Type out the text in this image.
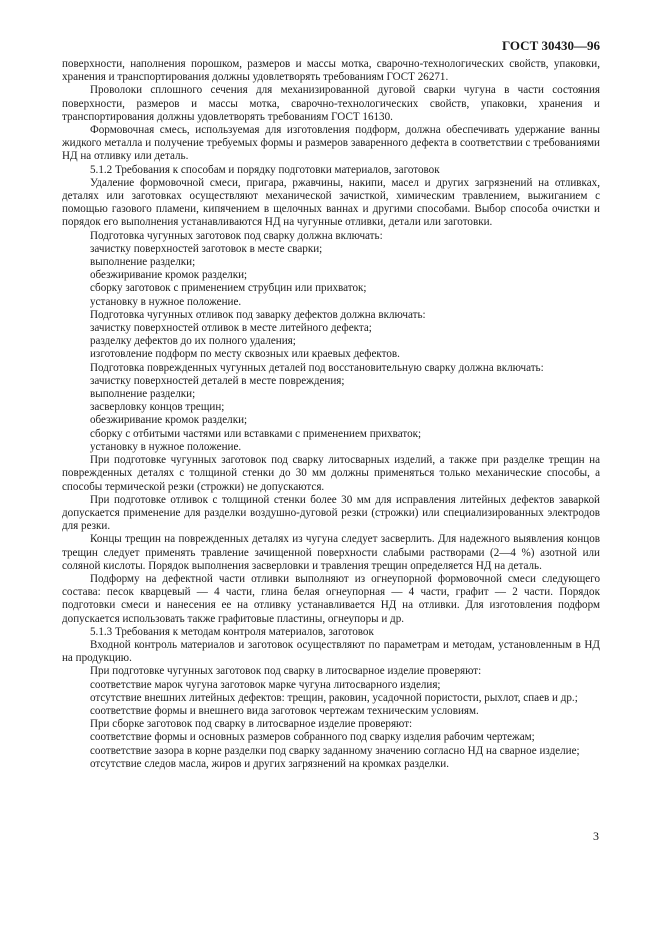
ГОСТ 30430—96

поверхности, наполнения порошком, размеров и массы мотка, сварочно-технологических свойств, упаковки, хранения и транспортирования должны удовлетворять требованиям ГОСТ 26271.

Проволоки сплошного сечения для механизированной дуговой сварки чугуна в части состояния поверхности, размеров и массы мотка, сварочно-технологических свойств, упаковки, хранения и транспортирования должны удовлетворять требованиям ГОСТ 16130.

Формовочная смесь, используемая для изготовления подформ, должна обеспечивать удержание ванны жидкого металла и получение требуемых формы и размеров заваренного дефекта в соответствии с требованиями НД на отливку или деталь.

5.1.2 Требования к способам и порядку подготовки материалов, заготовок

Удаление формовочной смеси, пригара, ржавчины, накипи, масел и других загрязнений на отливках, деталях или заготовках осуществляют механической зачисткой, химическим травлением, выжиганием с помощью газового пламени, кипячением в щелочных ваннах и другими способами. Выбор способа очистки и порядок его выполнения устанавливаются НД на чугунные отливки, детали или заготовки.

Подготовка чугунных заготовок под сварку должна включать:

зачистку поверхностей заготовок в месте сварки;

выполнение разделки;

обезжиривание кромок разделки;

сборку заготовок с применением струбцин или прихваток;

установку в нужное положение.

Подготовка чугунных отливок под заварку дефектов должна включать:

зачистку поверхностей отливок в месте литейного дефекта;

разделку дефектов до их полного удаления;

изготовление подформ по месту сквозных или краевых дефектов.

Подготовка поврежденных чугунных деталей под восстановительную сварку должна включать:

зачистку поверхностей деталей в месте повреждения;

выполнение разделки;

засверловку концов трещин;

обезжиривание кромок разделки;

сборку с отбитыми частями или вставками с применением прихваток;

установку в нужное положение.

При подготовке чугунных заготовок под сварку литосварных изделий, а также при разделке трещин на поврежденных деталях с толщиной стенки до 30 мм должны применяться только механические способы, а способы термической резки (строжки) не допускаются.

При подготовке отливок с толщиной стенки более 30 мм для исправления литейных дефектов заваркой допускается применение для разделки воздушно-дуговой резки (строжки) или специализированных электродов для резки.

Концы трещин на поврежденных деталях из чугуна следует засверлить. Для надежного выявления концов трещин следует применять травление зачищенной поверхности слабыми растворами (2—4 %) азотной или соляной кислоты. Порядок выполнения засверловки и травления трещин определяется НД на деталь.

Подформу на дефектной части отливки выполняют из огнеупорной формовочной смеси следующего состава: песок кварцевый — 4 части, глина белая огнеупорная — 4 части, графит — 2 части. Порядок подготовки смеси и нанесения ее на отливку устанавливается НД на отливки. Для изготовления подформ допускается использовать также графитовые пластины, огнеупоры и др.

5.1.3 Требования к методам контроля материалов, заготовок

Входной контроль материалов и заготовок осуществляют по параметрам и методам, установленным в НД на продукцию.

При подготовке чугунных заготовок под сварку в литосварное изделие проверяют:

соответствие марок чугуна заготовок марке чугуна литосварного изделия;

отсутствие внешних литейных дефектов: трещин, раковин, усадочной пористости, рыхлот, спаев и др.;

соответствие формы и внешнего вида заготовок чертежам техническим условиям.

При сборке заготовок под сварку в литосварное изделие проверяют:

соответствие формы и основных размеров собранного под сварку изделия рабочим чертежам;

соответствие зазора в корне разделки под сварку заданному значению согласно НД на сварное изделие;

отсутствие следов масла, жиров и других загрязнений на кромках разделки.

3
